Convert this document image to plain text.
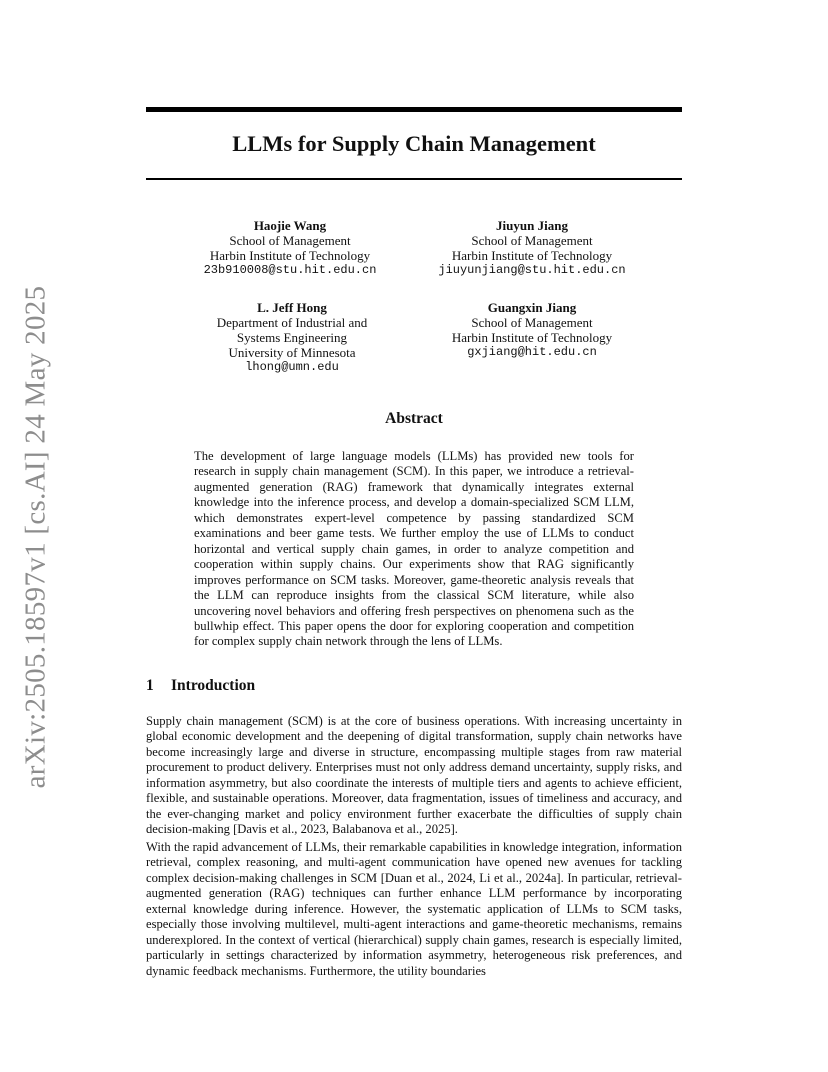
arXiv:2505.18597v1 [cs.AI] 24 May 2025
LLMs for Supply Chain Management
Haojie Wang
School of Management
Harbin Institute of Technology
23b910008@stu.hit.edu.cn
Jiuyun Jiang
School of Management
Harbin Institute of Technology
jiuyunjiang@stu.hit.edu.cn
L. Jeff Hong
Department of Industrial and
Systems Engineering
University of Minnesota
lhong@umn.edu
Guangxin Jiang
School of Management
Harbin Institute of Technology
gxjiang@hit.edu.cn
Abstract
The development of large language models (LLMs) has provided new tools for research in supply chain management (SCM). In this paper, we introduce a retrieval-augmented generation (RAG) framework that dynamically integrates external knowledge into the inference process, and develop a domain-specialized SCM LLM, which demonstrates expert-level competence by passing standardized SCM examinations and beer game tests. We further employ the use of LLMs to conduct horizontal and vertical supply chain games, in order to analyze competition and cooperation within supply chains. Our experiments show that RAG significantly improves performance on SCM tasks. Moreover, game-theoretic analysis reveals that the LLM can reproduce insights from the classical SCM literature, while also uncovering novel behaviors and offering fresh perspectives on phenomena such as the bullwhip effect. This paper opens the door for exploring cooperation and competition for complex supply chain network through the lens of LLMs.
1 Introduction
Supply chain management (SCM) is at the core of business operations. With increasing uncertainty in global economic development and the deepening of digital transformation, supply chain networks have become increasingly large and diverse in structure, encompassing multiple stages from raw material procurement to product delivery. Enterprises must not only address demand uncertainty, supply risks, and information asymmetry, but also coordinate the interests of multiple tiers and agents to achieve efficient, flexible, and sustainable operations. Moreover, data fragmentation, issues of timeliness and accuracy, and the ever-changing market and policy environment further exacerbate the difficulties of supply chain decision-making [Davis et al., 2023, Balabanova et al., 2025].
With the rapid advancement of LLMs, their remarkable capabilities in knowledge integration, information retrieval, complex reasoning, and multi-agent communication have opened new avenues for tackling complex decision-making challenges in SCM [Duan et al., 2024, Li et al., 2024a]. In particular, retrieval-augmented generation (RAG) techniques can further enhance LLM performance by incorporating external knowledge during inference. However, the systematic application of LLMs to SCM tasks, especially those involving multilevel, multi-agent interactions and game-theoretic mechanisms, remains underexplored. In the context of vertical (hierarchical) supply chain games, research is especially limited, particularly in settings characterized by information asymmetry, heterogeneous risk preferences, and dynamic feedback mechanisms. Furthermore, the utility boundaries
